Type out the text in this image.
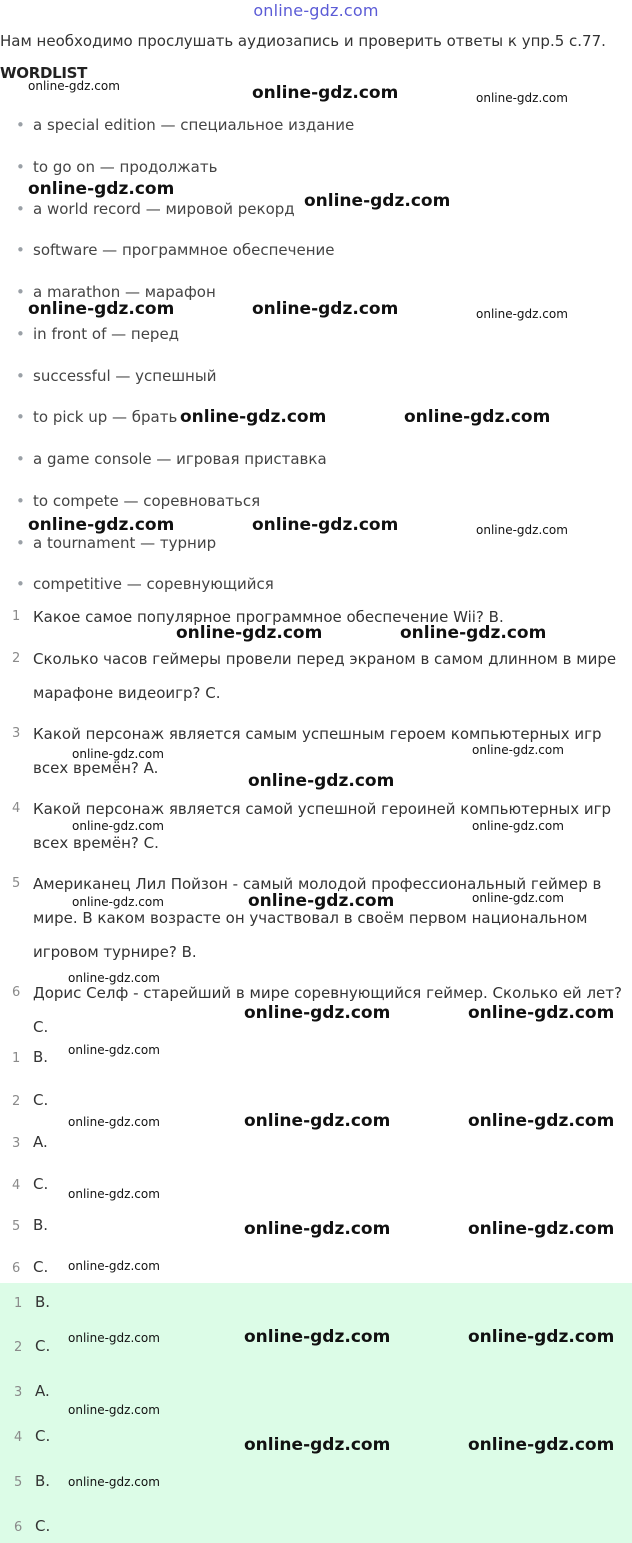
online-gdz.com
Нам необходимо прослушать аудиозапись и проверить ответы к упр.5 с.77.
WORDLIST
• a special edition — специальное издание
• to go on — продолжать
• a world record — мировой рекорд
• software — программное обеспечение
• a marathon — марафон
• in front of — перед
• successful — успешный
• to pick up — брать
• a game console — игровая приставка
• to compete — соревноваться
• a tournament — турнир
• competitive — соревнующийся
1 Какое самое популярное программное обеспечение Wii? B.
2 Сколько часов геймеры провели перед экраном в самом длинном в мире марафоне видеоигр? C.
3 Какой персонаж является самым успешным героем компьютерных игр всех времён? A.
4 Какой персонаж является самой успешной героиней компьютерных игр всех времён? C.
5 Американец Лил Пойзон - самый молодой профессиональный геймер в мире. В каком возрасте он участвовал в своём первом национальном игровом турнире? B.
6 Дорис Селф - старейший в мире соревнующийся геймер. Сколько ей лет? C.
1 B.
2 C.
3 A.
4 C.
5 B.
6 C.
1 B.
2 C.
3 A.
4 C.
5 B.
6 C.
online-gdz.com	online-gdz.com	online-gdz.com
online-gdz.com
online-gdz.com
online-gdz.com	online-gdz.com	online-gdz.com
online-gdz.com	online-gdz.com
online-gdz.com	online-gdz.com	online-gdz.com
online-gdz.com	online-gdz.com
online-gdz.com	online-gdz.com
online-gdz.com
online-gdz.com	online-gdz.com
online-gdz.com	online-gdz.com	online-gdz.com
online-gdz.com
online-gdz.com	online-gdz.com
online-gdz.com
online-gdz.com	online-gdz.com	online-gdz.com
online-gdz.com
online-gdz.com	online-gdz.com
online-gdz.com
online-gdz.com	online-gdz.com	online-gdz.com
online-gdz.com
online-gdz.com	online-gdz.com
online-gdz.com
